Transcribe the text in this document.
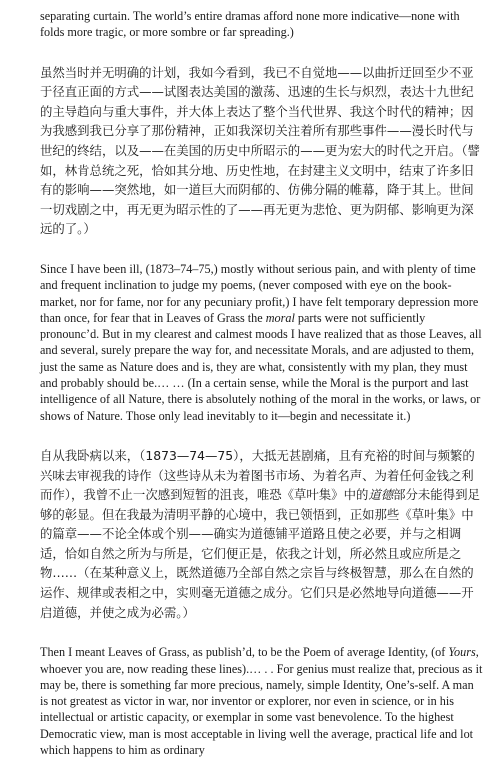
separating curtain. The world’s entire dramas afford none more indicative—none with folds more tragic, or more sombre or far spreading.)

虽然当时并无明确的计划，我如今看到，我已不自觉地——以曲折迂回至少不亚于径直正面的方式——试图表达美国的激荡、迅速的生长与炽烈，表达十九世纪的主导趋向与重大事件，并大体上表达了整个当代世界、我这个时代的精神；因为我感到我已分享了那份精神，正如我深切关注着所有那些事件——漫长时代与世纪的终结，以及——在美国的历史中所昭示的——更为宏大的时代之开启。（譬如，林肯总统之死，恰如其分地、历史性地，在封建主义文明中，结束了许多旧有的影响——突然地，如一道巨大而阴郁的、仿佛分隔的帷幕，降于其上。世间一切戏剧之中，再无更为昭示性的了——再无更为悲怆、更为阴郁、影响更为深远的了。）

Since I have been ill, (1873–74–75,) mostly without serious pain, and with plenty of time and frequent inclination to judge my poems, (never composed with eye on the book-market, nor for fame, nor for any pecuniary profit,) I have felt temporary depression more than once, for fear that in Leaves of Grass the moral parts were not sufficiently pronounc’d. But in my clearest and calmest moods I have realized that as those Leaves, all and several, surely prepare the way for, and necessitate Morals, and are adjusted to them, just the same as Nature does and is, they are what, consistently with my plan, they must and probably should be.… … (In a certain sense, while the Moral is the purport and last intelligence of all Nature, there is absolutely nothing of the moral in the works, or laws, or shows of Nature. Those only lead inevitably to it—begin and necessitate it.)

自从我卧病以来，（1873—74—75），大抵无甚剧痛，且有充裕的时间与频繁的兴味去审视我的诗作（这些诗从未为着图书市场、为着名声、为着任何金钱之利而作），我曾不止一次感到短暂的沮丧，唯恐《草叶集》中的道德部分未能得到足够的彰显。但在我最为清明平静的心境中，我已领悟到，正如那些《草叶集》中的篇章——不论全体或个别——确实为道德铺平道路且使之必要，并与之相调适，恰如自然之所为与所是，它们便正是，依我之计划，所必然且或应所是之物……（在某种意义上，既然道德乃全部自然之宗旨与终极智慧，那么在自然的运作、规律或表相之中，实则毫无道德之成分。它们只是必然地导向道德——开启道德，并使之成为必需。）

Then I meant Leaves of Grass, as publish’d, to be the Poem of average Identity, (of Yours, whoever you are, now reading these lines).… . . For genius must realize that, precious as it may be, there is something far more precious, namely, simple Identity, One’s-self. A man is not greatest as victor in war, nor inventor or explorer, nor even in science, or in his intellectual or artistic capacity, or exemplar in some vast benevolence. To the highest Democratic view, man is most acceptable in living well the average, practical life and lot which happens to him as ordinary
